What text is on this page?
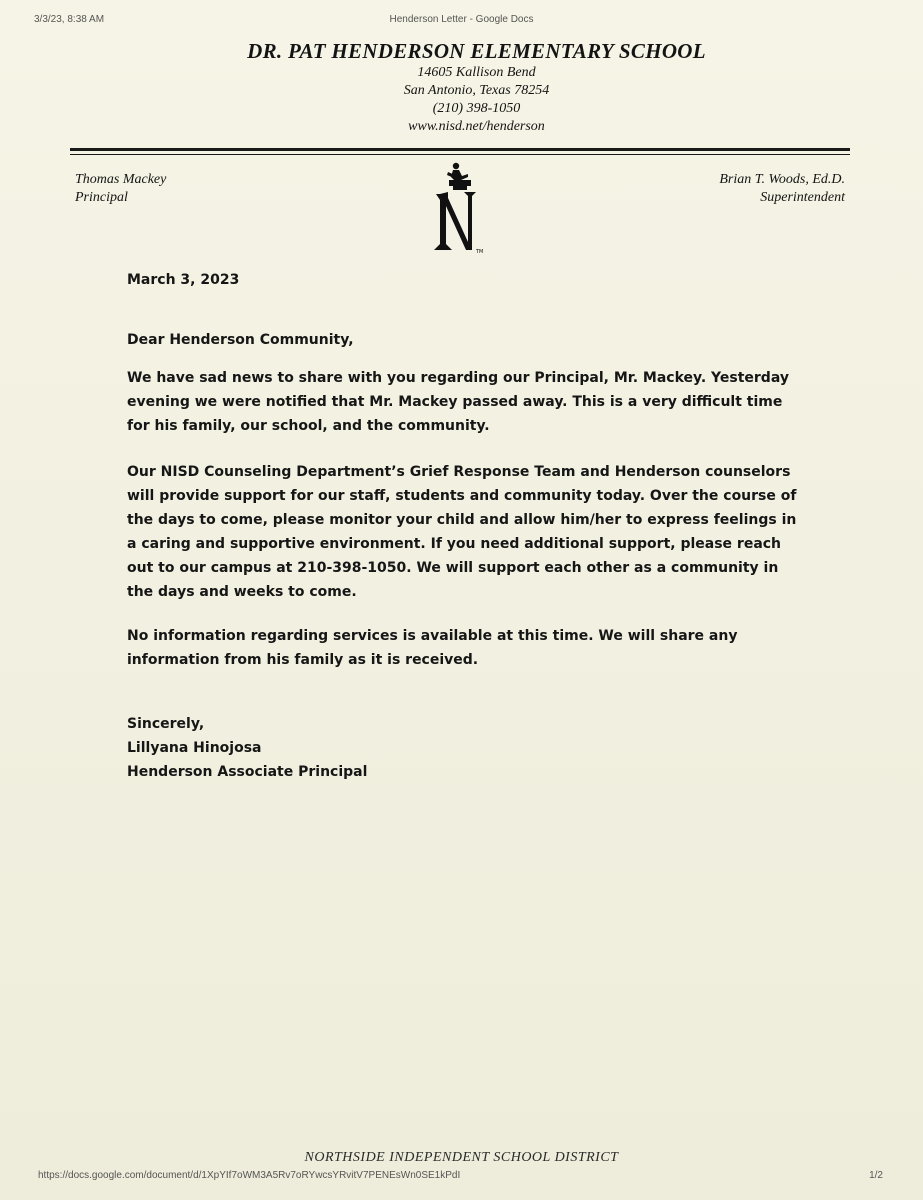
3/3/23, 8:38 AM	Henderson Letter - Google Docs
DR. PAT HENDERSON ELEMENTARY SCHOOL
14605 Kallison Bend
San Antonio, Texas 78254
(210) 398-1050
www.nisd.net/henderson
Thomas Mackey
Principal
TM
Brian T. Woods, Ed.D.
Superintendent
March 3, 2023
Dear Henderson Community,

We have sad news to share with you regarding our Principal, Mr. Mackey. Yesterday

evening we were notified that Mr. Mackey passed away. This is a very difficult time

for his family, our school, and the community.

Our NISD Counseling Department’s Grief Response Team and Henderson counselors

will provide support for our staff, students and community today. Over the course of

the days to come, please monitor your child and allow him/her to express feelings in

a caring and supportive environment. If you need additional support, please reach

out to our campus at 210-398-1050. We will support each other as a community in

the days and weeks to come.

No information regarding services is available at this time. We will share any

information from his family as it is received.

Sincerely,

Lillyana Hinojosa

Henderson Associate Principal

NORTHSIDE INDEPENDENT SCHOOL DISTRICT
https://docs.google.com/document/d/1XpYIf7oWM3A5Rv7oRYwcsYRvitV7PENEsWn0SE1kPdI	1/2
